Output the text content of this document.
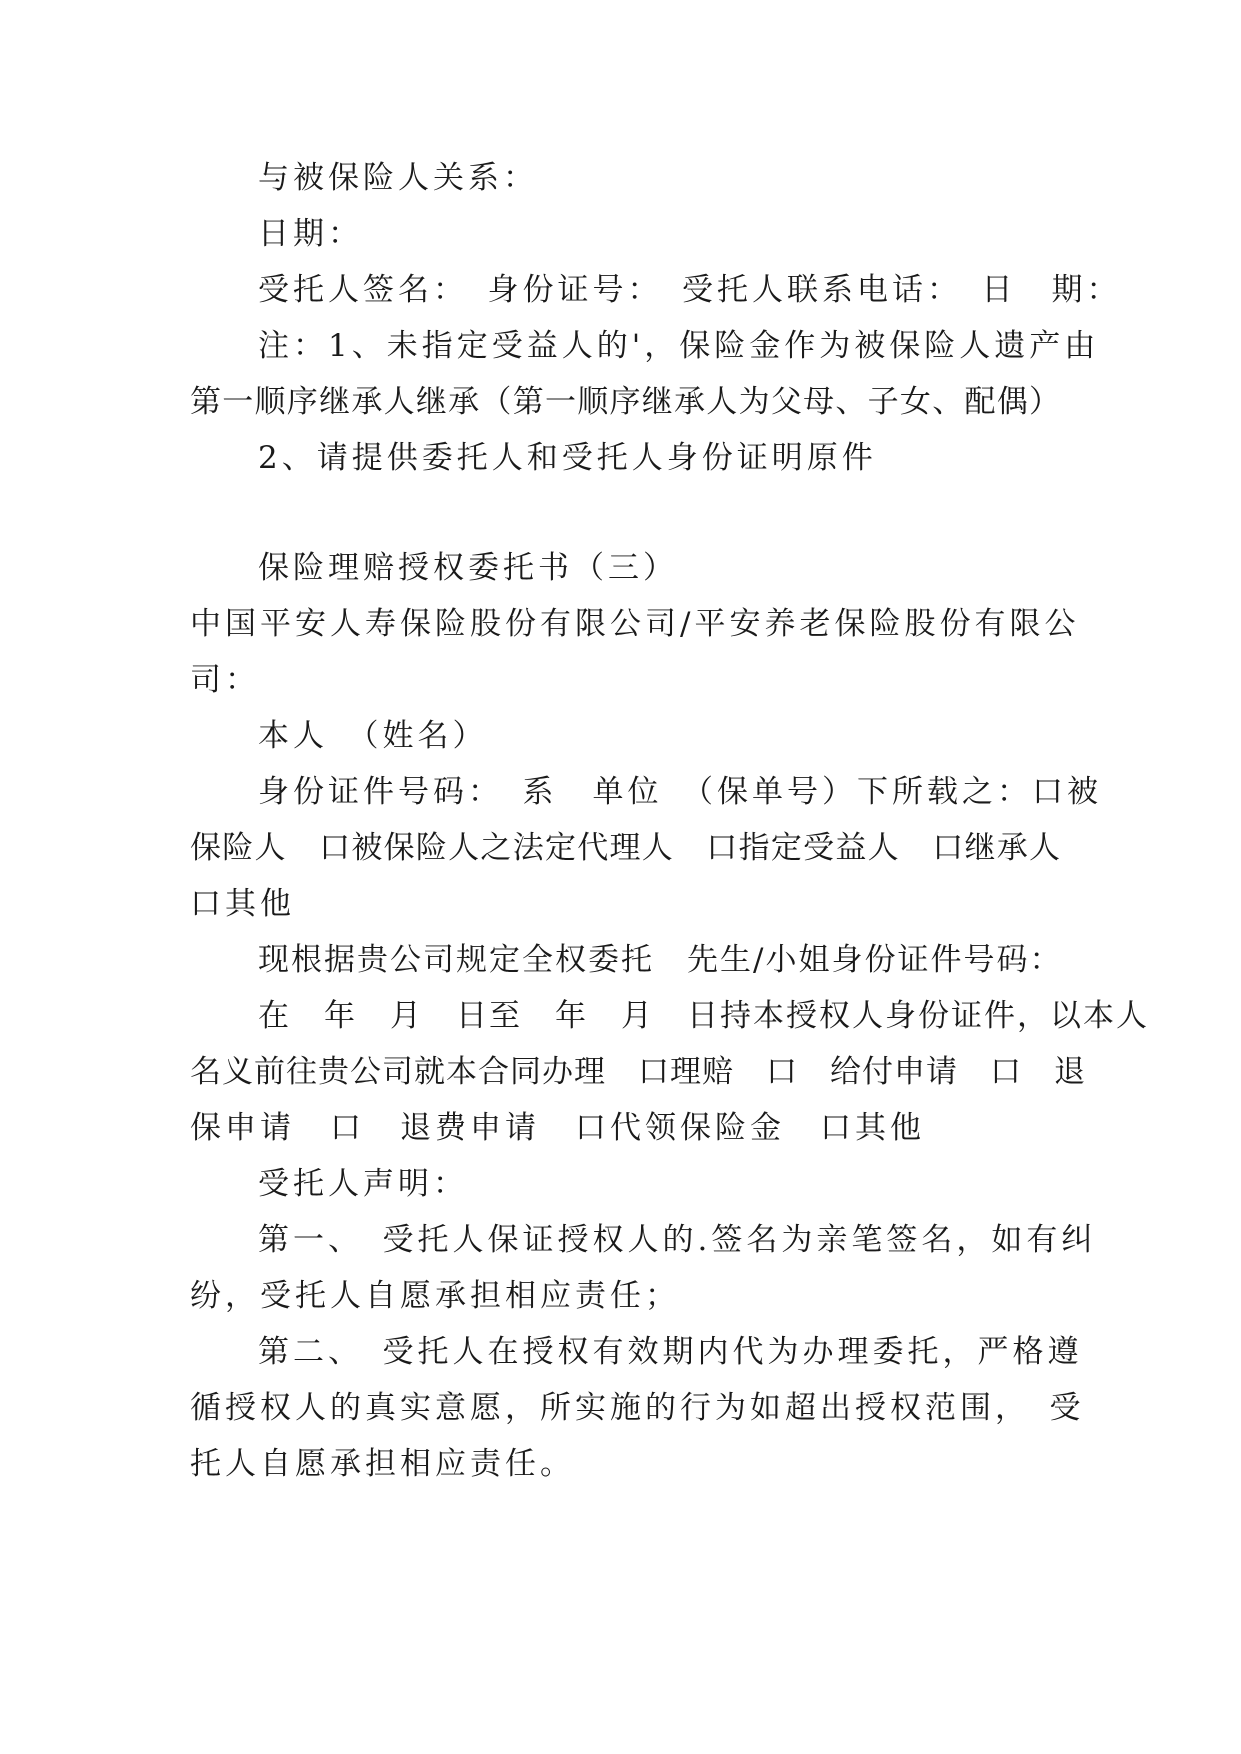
与被保险人关系：
日期：
受托人签名：　身份证号：　受托人联系电话：　日　期：
注：1、未指定受益人的'，保险金作为被保险人遗产由
第一顺序继承人继承（第一顺序继承人为父母、子女、配偶）
2、请提供委托人和受托人身份证明原件
保险理赔授权委托书（三）
中国平安人寿保险股份有限公司/平安养老保险股份有限公
司：
本人　（姓名）
身份证件号码：　系　单位　（保单号）下所载之：口被
保险人　口被保险人之法定代理人　口指定受益人　口继承人
口其他
现根据贵公司规定全权委托　先生/小姐身份证件号码：
在　年　月　日至　年　月　日持本授权人身份证件，以本人
名义前往贵公司就本合同办理　口理赔　口　给付申请　口　退
保申请　口　退费申请　口代领保险金　口其他
受托人声明：
第一、　受托人保证授权人的.签名为亲笔签名，如有纠
纷，受托人自愿承担相应责任；
第二、　受托人在授权有效期内代为办理委托，严格遵
循授权人的真实意愿，所实施的行为如超出授权范围，　受
托人自愿承担相应责任。
